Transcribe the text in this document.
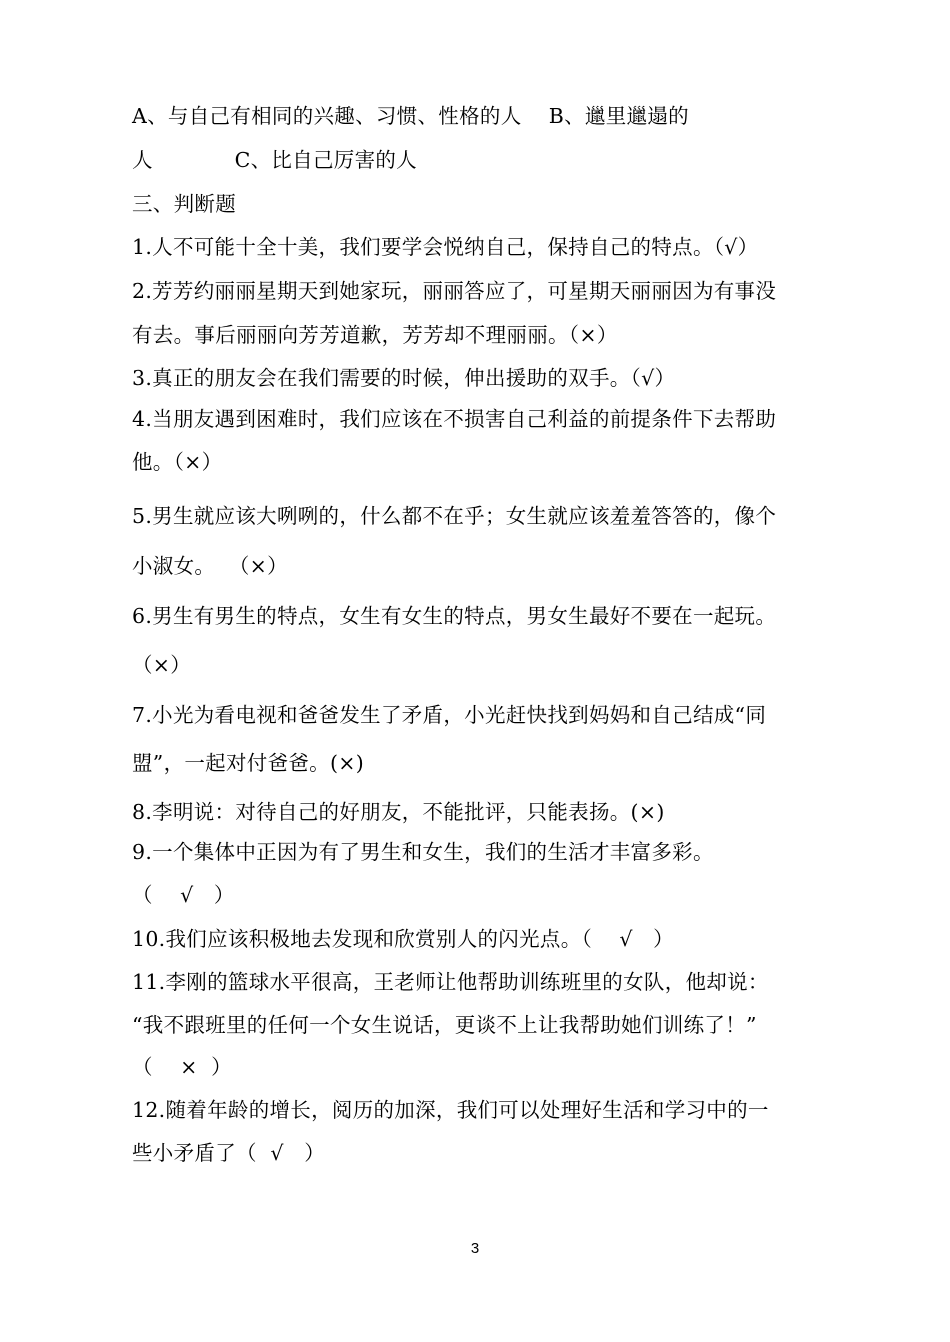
A、与自己有相同的兴趣、习惯、性格的人    B、邋里邋遢的
人            C、比自己厉害的人
三、判断题
1.人不可能十全十美，我们要学会悦纳自己，保持自己的特点。（√）
2.芳芳约丽丽星期天到她家玩，丽丽答应了，可星期天丽丽因为有事没
有去。事后丽丽向芳芳道歉，芳芳却不理丽丽。（×）
3.真正的朋友会在我们需要的时候，伸出援助的双手。（√）
4.当朋友遇到困难时，我们应该在不损害自己利益的前提条件下去帮助
他。（×）
5.男生就应该大咧咧的，什么都不在乎；女生就应该羞羞答答的，像个
小淑女。  （×）
6.男生有男生的特点，女生有女生的特点，男女生最好不要在一起玩。
（×）
7.小光为看电视和爸爸发生了矛盾，小光赶快找到妈妈和自己结成“同
盟”，一起对付爸爸。(×)
8.李明说：对待自己的好朋友，不能批评，只能表扬。(×)
9.一个集体中正因为有了男生和女生，我们的生活才丰富多彩。
（    √   ）
10.我们应该积极地去发现和欣赏别人的闪光点。（    √   ）
11.李刚的篮球水平很高，王老师让他帮助训练班里的女队，他却说：
“我不跟班里的任何一个女生说话，更谈不上让我帮助她们训练了！”
（    ×  ）
12.随着年龄的增长，阅历的加深，我们可以处理好生活和学习中的一
些小矛盾了（  √   ）
3
